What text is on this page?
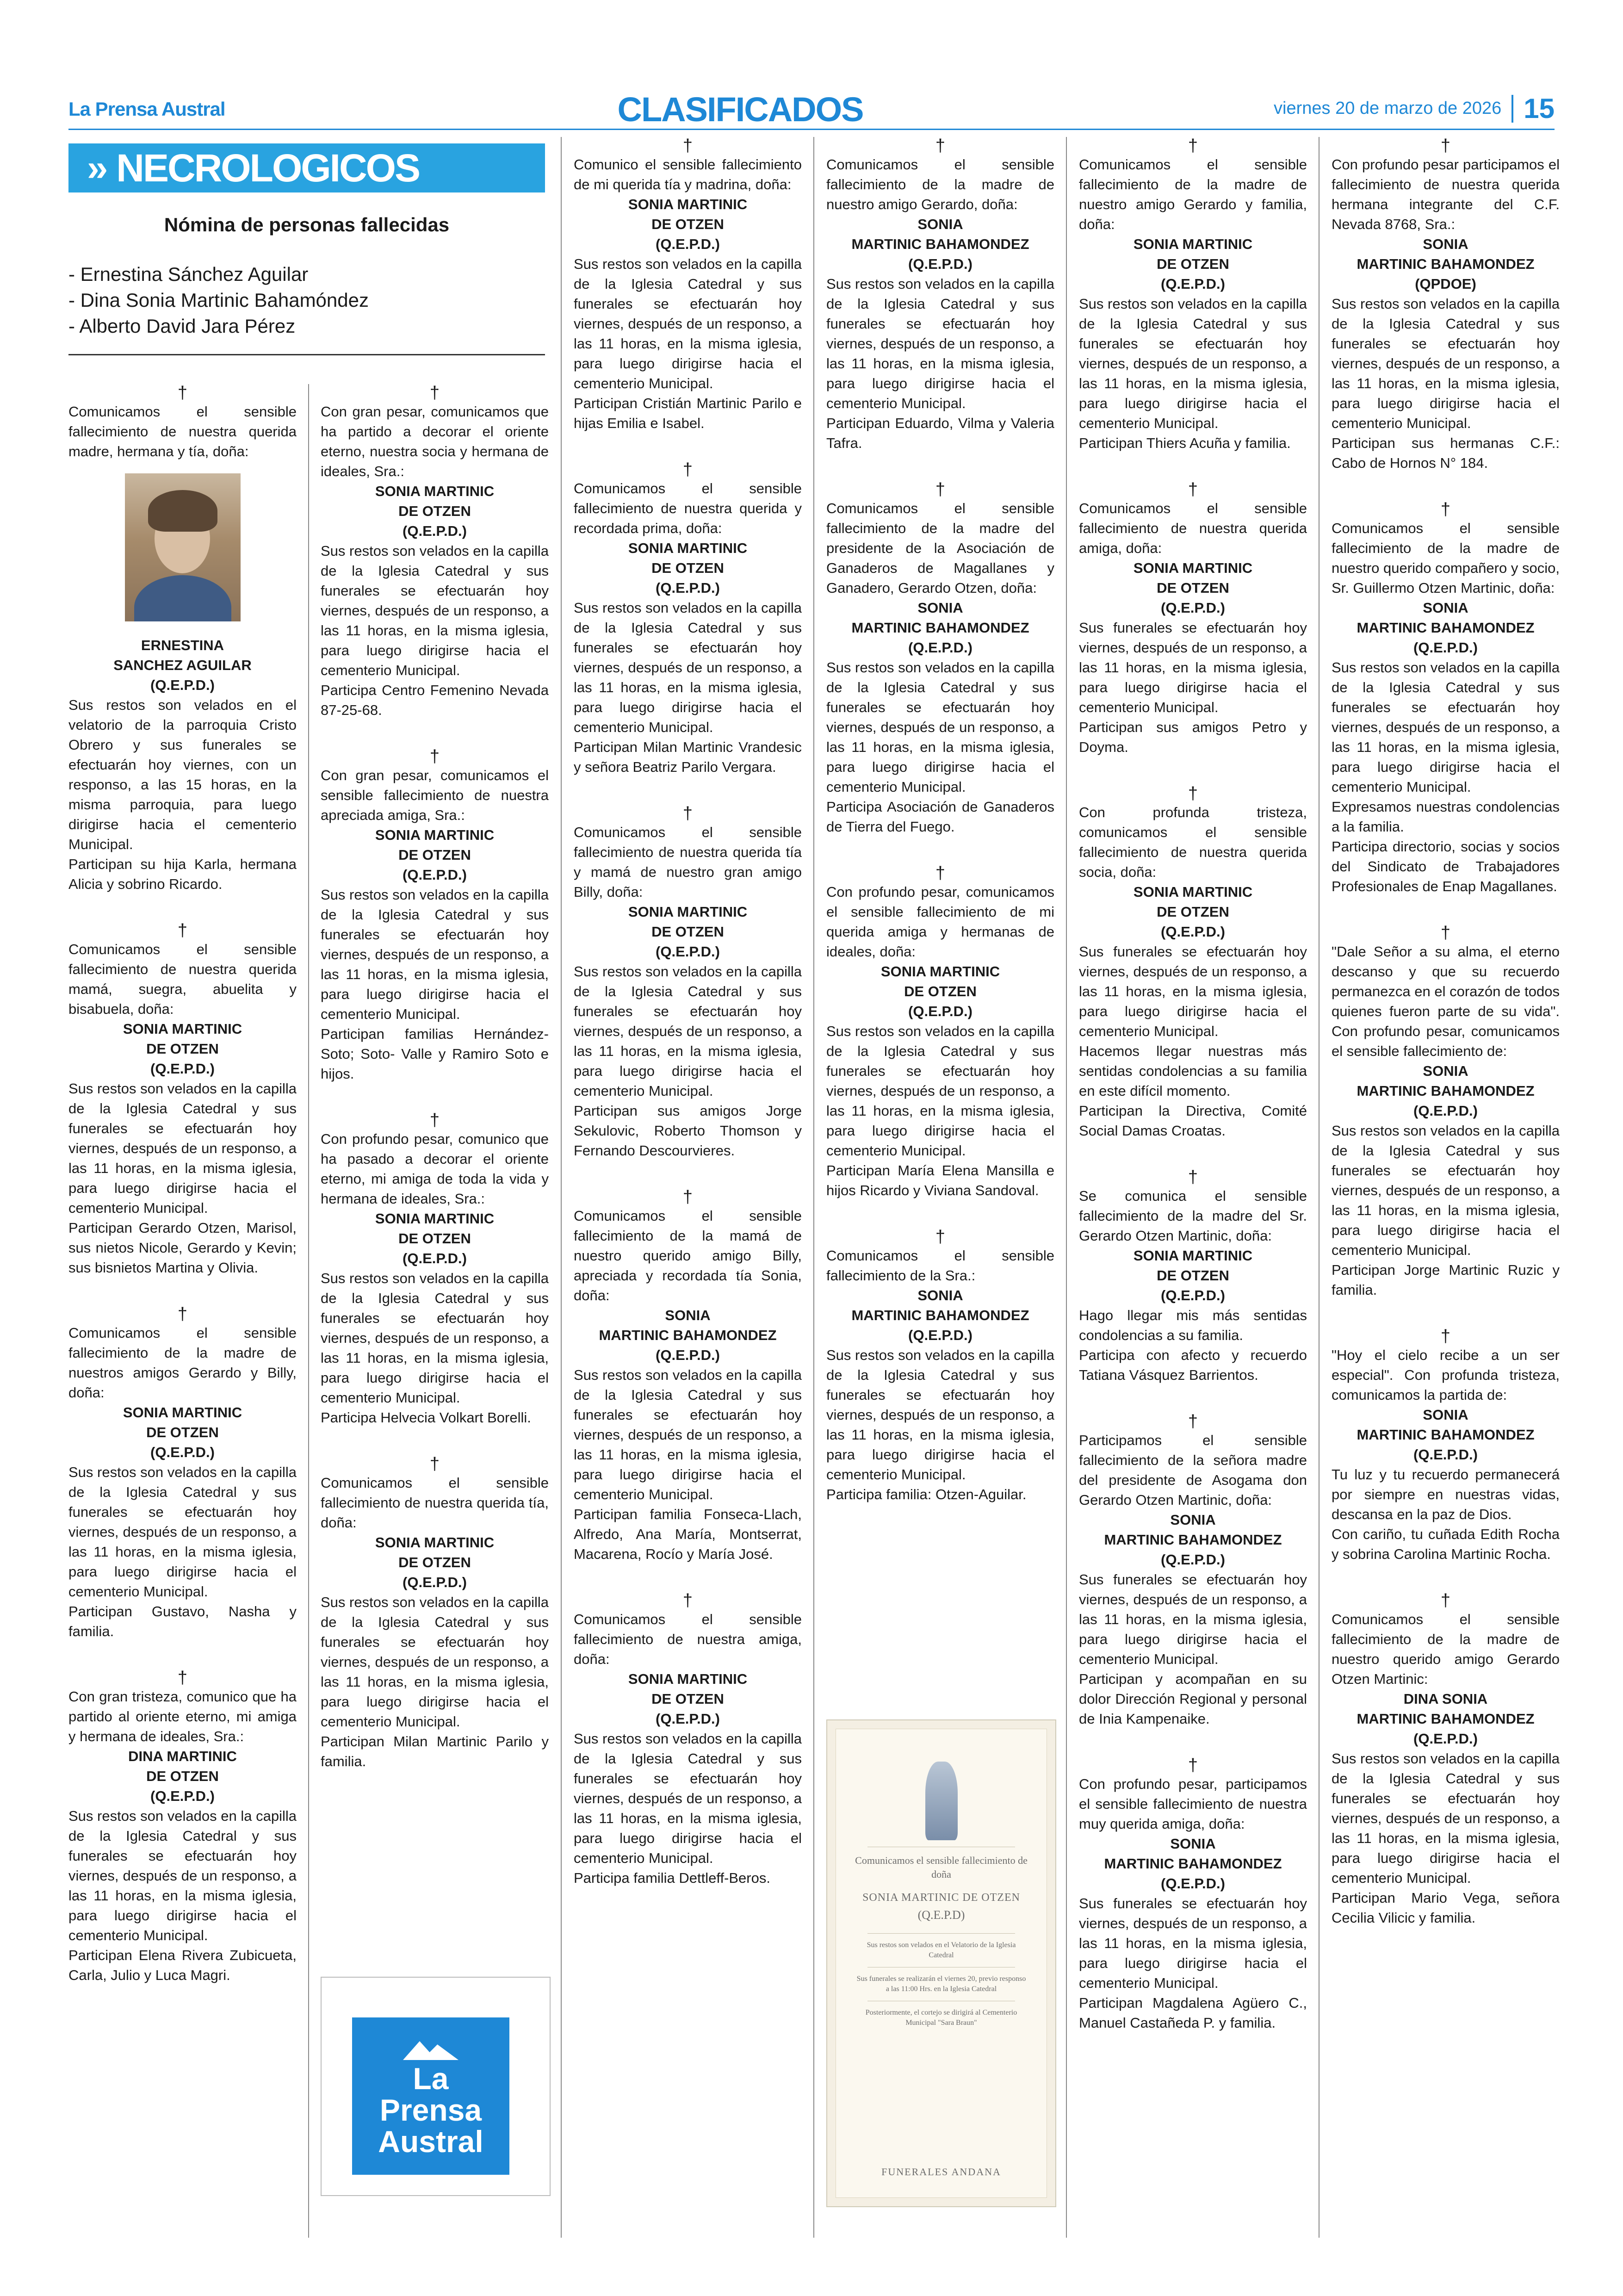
La Prensa Austral	CLASIFICADOS	viernes 20 de marzo de 2026 15
›› NECROLOGICOS
Nómina de personas fallecidas
- Ernestina Sánchez Aguilar
- Dina Sonia Martinic Bahamóndez
- Alberto David Jara Pérez
†

Comunicamos el sensible fallecimiento de nuestra querida madre, hermana y tía, doña:

ERNESTINA
SANCHEZ AGUILAR
(Q.E.P.D.)

Sus restos son velados en el velatorio de la parroquia Cristo Obrero y sus funerales se efectuarán hoy viernes, con un responso, a las 15 horas, en la misma parroquia, para luego dirigirse hacia el cementerio Municipal.

Participan su hija Karla, hermana Alicia y sobrino Ricardo.

†

Comunicamos el sensible fallecimiento de nuestra querida mamá, suegra, abuelita y bisabuela, doña:

SONIA MARTINIC
DE OTZEN
(Q.E.P.D.)

Sus restos son velados en la capilla de la Iglesia Catedral y sus funerales se efectuarán hoy viernes, después de un responso, a las 11 horas, en la misma iglesia, para luego dirigirse hacia el cementerio Municipal.

Participan Gerardo Otzen, Marisol, sus nietos Nicole, Gerardo y Kevin; sus bisnietos Martina y Olivia.

†

Comunicamos el sensible fallecimiento de la madre de nuestros amigos Gerardo y Billy, doña:

SONIA MARTINIC
DE OTZEN
(Q.E.P.D.)

Sus restos son velados en la capilla de la Iglesia Catedral y sus funerales se efectuarán hoy viernes, después de un responso, a las 11 horas, en la misma iglesia, para luego dirigirse hacia el cementerio Municipal.

Participan Gustavo, Nasha y familia.

†

Con gran tristeza, comunico que ha partido al oriente eterno, mi amiga y hermana de ideales, Sra.:

DINA MARTINIC
DE OTZEN
(Q.E.P.D.)

Sus restos son velados en la capilla de la Iglesia Catedral y sus funerales se efectuarán hoy viernes, después de un responso, a las 11 horas, en la misma iglesia, para luego dirigirse hacia el cementerio Municipal.

Participan Elena Rivera Zubicueta, Carla, Julio y Luca Magri.

†

Con gran pesar, comunicamos que ha partido a decorar el oriente eterno, nuestra socia y hermana de ideales, Sra.:

SONIA MARTINIC
DE OTZEN
(Q.E.P.D.)

Sus restos son velados en la capilla de la Iglesia Catedral y sus funerales se efectuarán hoy viernes, después de un responso, a las 11 horas, en la misma iglesia, para luego dirigirse hacia el cementerio Municipal.

Participa Centro Femenino Nevada 87-25-68.

†

Con gran pesar, comunicamos el sensible fallecimiento de nuestra apreciada amiga, Sra.:

SONIA MARTINIC
DE OTZEN
(Q.E.P.D.)

Sus restos son velados en la capilla de la Iglesia Catedral y sus funerales se efectuarán hoy viernes, después de un responso, a las 11 horas, en la misma iglesia, para luego dirigirse hacia el cementerio Municipal.

Participan familias Hernández- Soto; Soto- Valle y Ramiro Soto e hijos.

†

Con profundo pesar, comunico que ha pasado a decorar el oriente eterno, mi amiga de toda la vida y hermana de ideales, Sra.:

SONIA MARTINIC
DE OTZEN
(Q.E.P.D.)

Sus restos son velados en la capilla de la Iglesia Catedral y sus funerales se efectuarán hoy viernes, después de un responso, a las 11 horas, en la misma iglesia, para luego dirigirse hacia el cementerio Municipal.

Participa Helvecia Volkart Borelli.

†

Comunicamos el sensible fallecimiento de nuestra querida tía, doña:

SONIA MARTINIC
DE OTZEN
(Q.E.P.D.)

Sus restos son velados en la capilla de la Iglesia Catedral y sus funerales se efectuarán hoy viernes, después de un responso, a las 11 horas, en la misma iglesia, para luego dirigirse hacia el cementerio Municipal.

Participan Milan Martinic Parilo y familia.

†

Comunico el sensible fallecimiento de mi querida tía y madrina, doña:

SONIA MARTINIC
DE OTZEN
(Q.E.P.D.)

Sus restos son velados en la capilla de la Iglesia Catedral y sus funerales se efectuarán hoy viernes, después de un responso, a las 11 horas, en la misma iglesia, para luego dirigirse hacia el cementerio Municipal.

Participan Cristián Martinic Parilo e hijas Emilia e Isabel.

†

Comunicamos el sensible fallecimiento de nuestra querida y recordada prima, doña:

SONIA MARTINIC
DE OTZEN
(Q.E.P.D.)

Sus restos son velados en la capilla de la Iglesia Catedral y sus funerales se efectuarán hoy viernes, después de un responso, a las 11 horas, en la misma iglesia, para luego dirigirse hacia el cementerio Municipal.

Participan Milan Martinic Vrandesic y señora Beatriz Parilo Vergara.

†

Comunicamos el sensible fallecimiento de nuestra querida tía y mamá de nuestro gran amigo Billy, doña:

SONIA MARTINIC
DE OTZEN
(Q.E.P.D.)

Sus restos son velados en la capilla de la Iglesia Catedral y sus funerales se efectuarán hoy viernes, después de un responso, a las 11 horas, en la misma iglesia, para luego dirigirse hacia el cementerio Municipal.

Participan sus amigos Jorge Sekulovic, Roberto Thomson y Fernando Descourvieres.

†

Comunicamos el sensible fallecimiento de la mamá de nuestro querido amigo Billy, apreciada y recordada tía Sonia, doña:

SONIA
MARTINIC BAHAMONDEZ
(Q.E.P.D.)

Sus restos son velados en la capilla de la Iglesia Catedral y sus funerales se efectuarán hoy viernes, después de un responso, a las 11 horas, en la misma iglesia, para luego dirigirse hacia el cementerio Municipal.

Participan familia Fonseca-Llach, Alfredo, Ana María, Montserrat, Macarena, Rocío y María José.

†

Comunicamos el sensible fallecimiento de nuestra amiga, doña:

SONIA MARTINIC
DE OTZEN
(Q.E.P.D.)

Sus restos son velados en la capilla de la Iglesia Catedral y sus funerales se efectuarán hoy viernes, después de un responso, a las 11 horas, en la misma iglesia, para luego dirigirse hacia el cementerio Municipal.

Participa familia Dettleff-Beros.

†

Comunicamos el sensible fallecimiento de la madre de nuestro amigo Gerardo, doña:

SONIA
MARTINIC BAHAMONDEZ
(Q.E.P.D.)

Sus restos son velados en la capilla de la Iglesia Catedral y sus funerales se efectuarán hoy viernes, después de un responso, a las 11 horas, en la misma iglesia, para luego dirigirse hacia el cementerio Municipal.

Participan Eduardo, Vilma y Valeria Tafra.

†

Comunicamos el sensible fallecimiento de la madre del presidente de la Asociación de Ganaderos de Magallanes y Ganadero, Gerardo Otzen, doña:

SONIA
MARTINIC BAHAMONDEZ
(Q.E.P.D.)

Sus restos son velados en la capilla de la Iglesia Catedral y sus funerales se efectuarán hoy viernes, después de un responso, a las 11 horas, en la misma iglesia, para luego dirigirse hacia el cementerio Municipal.

Participa Asociación de Ganaderos de Tierra del Fuego.

†

Con profundo pesar, comunicamos el sensible fallecimiento de mi querida amiga y hermanas de ideales, doña:

SONIA MARTINIC
DE OTZEN
(Q.E.P.D.)

Sus restos son velados en la capilla de la Iglesia Catedral y sus funerales se efectuarán hoy viernes, después de un responso, a las 11 horas, en la misma iglesia, para luego dirigirse hacia el cementerio Municipal.

Participan María Elena Mansilla e hijos Ricardo y Viviana Sandoval.

†

Comunicamos el sensible fallecimiento de la Sra.:

SONIA
MARTINIC BAHAMONDEZ
(Q.E.P.D.)

Sus restos son velados en la capilla de la Iglesia Catedral y sus funerales se efectuarán hoy viernes, después de un responso, a las 11 horas, en la misma iglesia, para luego dirigirse hacia el cementerio Municipal.

Participa familia: Otzen-Aguilar.

†

Comunicamos el sensible fallecimiento de la madre de nuestro amigo Gerardo y familia, doña:

SONIA MARTINIC
DE OTZEN
(Q.E.P.D.)

Sus restos son velados en la capilla de la Iglesia Catedral y sus funerales se efectuarán hoy viernes, después de un responso, a las 11 horas, en la misma iglesia, para luego dirigirse hacia el cementerio Municipal.

Participan Thiers Acuña y familia.

†

Comunicamos el sensible fallecimiento de nuestra querida amiga, doña:

SONIA MARTINIC
DE OTZEN
(Q.E.P.D.)

Sus funerales se efectuarán hoy viernes, después de un responso, a las 11 horas, en la misma iglesia, para luego dirigirse hacia el cementerio Municipal.

Participan sus amigos Petro y Doyma.

†

Con profunda tristeza, comunicamos el sensible fallecimiento de nuestra querida socia, doña:

SONIA MARTINIC
DE OTZEN
(Q.E.P.D.)

Sus funerales se efectuarán hoy viernes, después de un responso, a las 11 horas, en la misma iglesia, para luego dirigirse hacia el cementerio Municipal.

Hacemos llegar nuestras más sentidas condolencias a su familia en este difícil momento.

Participan la Directiva, Comité Social Damas Croatas.

†

Se comunica el sensible fallecimiento de la madre del Sr. Gerardo Otzen Martinic, doña:

SONIA MARTINIC
DE OTZEN
(Q.E.P.D.)

Hago llegar mis más sentidas condolencias a su familia.

Participa con afecto y recuerdo Tatiana Vásquez Barrientos.

†

Participamos el sensible fallecimiento de la señora madre del presidente de Asogama don Gerardo Otzen Martinic, doña:

SONIA
MARTINIC BAHAMONDEZ
(Q.E.P.D.)

Sus funerales se efectuarán hoy viernes, después de un responso, a las 11 horas, en la misma iglesia, para luego dirigirse hacia el cementerio Municipal.

Participan y acompañan en su dolor Dirección Regional y personal de Inia Kampenaike.

†

Con profundo pesar, participamos el sensible fallecimiento de nuestra muy querida amiga, doña:

SONIA
MARTINIC BAHAMONDEZ
(Q.E.P.D.)

Sus funerales se efectuarán hoy viernes, después de un responso, a las 11 horas, en la misma iglesia, para luego dirigirse hacia el cementerio Municipal.

Participan Magdalena Agüero C., Manuel Castañeda P. y familia.

†

Con profundo pesar participamos el fallecimiento de nuestra querida hermana integrante del C.F. Nevada 8768, Sra.:

SONIA
MARTINIC BAHAMONDEZ
(QPDOE)

Sus restos son velados en la capilla de la Iglesia Catedral y sus funerales se efectuarán hoy viernes, después de un responso, a las 11 horas, en la misma iglesia, para luego dirigirse hacia el cementerio Municipal.

Participan sus hermanas C.F.: Cabo de Hornos N° 184.

†

Comunicamos el sensible fallecimiento de la madre de nuestro querido compañero y socio, Sr. Guillermo Otzen Martinic, doña:

SONIA
MARTINIC BAHAMONDEZ
(Q.E.P.D.)

Sus restos son velados en la capilla de la Iglesia Catedral y sus funerales se efectuarán hoy viernes, después de un responso, a las 11 horas, en la misma iglesia, para luego dirigirse hacia el cementerio Municipal.

Expresamos nuestras condolencias a la familia.

Participa directorio, socias y socios del Sindicato de Trabajadores Profesionales de Enap Magallanes.

†

"Dale Señor a su alma, el eterno descanso y que su recuerdo permanezca en el corazón de todos quienes fueron parte de su vida". Con profundo pesar, comunicamos el sensible fallecimiento de:

SONIA
MARTINIC BAHAMONDEZ
(Q.E.P.D.)

Sus restos son velados en la capilla de la Iglesia Catedral y sus funerales se efectuarán hoy viernes, después de un responso, a las 11 horas, en la misma iglesia, para luego dirigirse hacia el cementerio Municipal.

Participan Jorge Martinic Ruzic y familia.

†

"Hoy el cielo recibe a un ser especial". Con profunda tristeza, comunicamos la partida de:

SONIA
MARTINIC BAHAMONDEZ
(Q.E.P.D.)

Tu luz y tu recuerdo permanecerá por siempre en nuestras vidas, descansa en la paz de Dios.

Con cariño, tu cuñada Edith Rocha y sobrina Carolina Martinic Rocha.

†

Comunicamos el sensible fallecimiento de la madre de nuestro querido amigo Gerardo Otzen Martinic:

DINA SONIA
MARTINIC BAHAMONDEZ
(Q.E.P.D.)

Sus restos son velados en la capilla de la Iglesia Catedral y sus funerales se efectuarán hoy viernes, después de un responso, a las 11 horas, en la misma iglesia, para luego dirigirse hacia el cementerio Municipal.

Participan Mario Vega, señora Cecilia Vilicic y familia.

La
Prensa
Austral
Comunicamos el sensible fallecimiento de doña
SONIA MARTINIC DE OTZEN
(Q.E.P.D)
Sus restos son velados en el Velatorio de la Iglesia Catedral
Sus funerales se realizarán el viernes 20, previo responso a las 11:00 Hrs. en la Iglesia Catedral
Posteriormente, el cortejo se dirigirá al Cementerio Municipal "Sara Braun"
FUNERALES ANDANA
